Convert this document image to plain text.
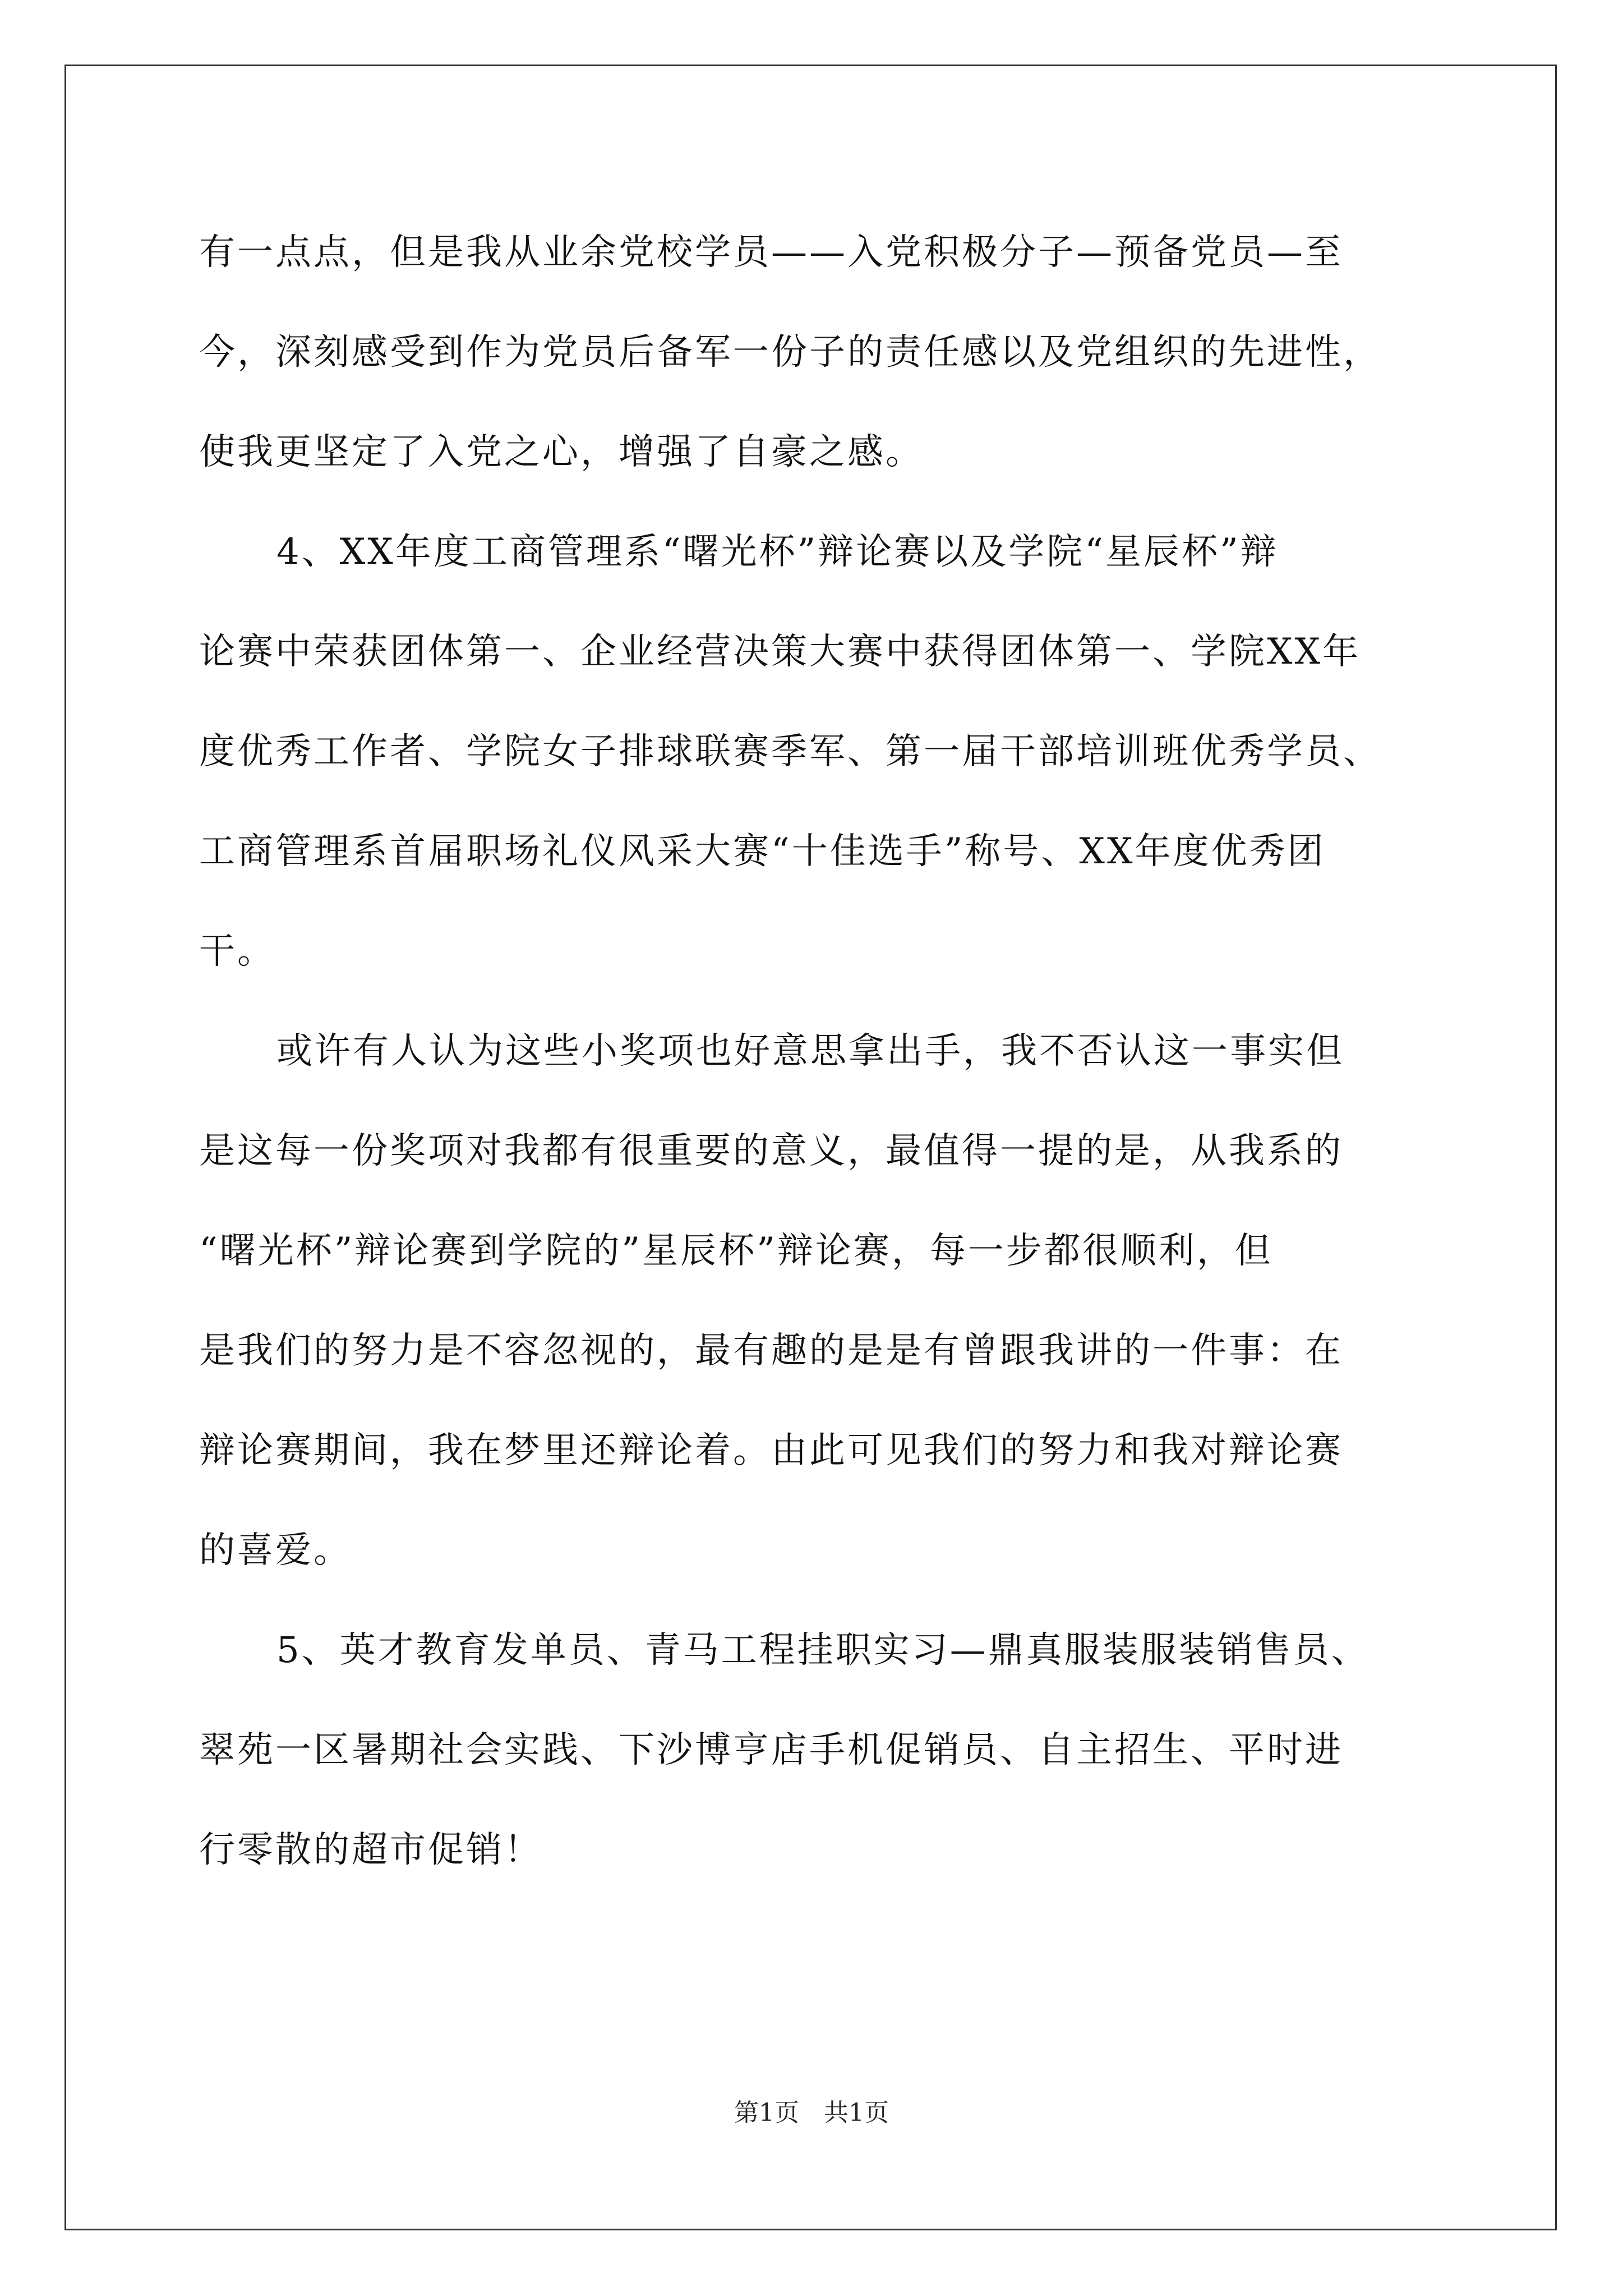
有一点点，但是我从业余党校学员——入党积极分子—预备党员—至
今，深刻感受到作为党员后备军一份子的责任感以及党组织的先进性，
使我更坚定了入党之心，增强了自豪之感。
4、XX年度工商管理系“曙光杯”辩论赛以及学院“星辰杯”辩
论赛中荣获团体第一、企业经营决策大赛中获得团体第一、学院XX年
度优秀工作者、学院女子排球联赛季军、第一届干部培训班优秀学员、
工商管理系首届职场礼仪风采大赛“十佳选手”称号、XX年度优秀团
干。
或许有人认为这些小奖项也好意思拿出手，我不否认这一事实但
是这每一份奖项对我都有很重要的意义，最值得一提的是，从我系的
“曙光杯”辩论赛到学院的”星辰杯”辩论赛，每一步都很顺利，但
是我们的努力是不容忽视的，最有趣的是是有曾跟我讲的一件事：在
辩论赛期间，我在梦里还辩论着。由此可见我们的努力和我对辩论赛
的喜爱。
5、英才教育发单员、青马工程挂职实习—鼎真服装服装销售员、
翠苑一区暑期社会实践、下沙博亨店手机促销员、自主招生、平时进
行零散的超市促销！
第1页　共1页
